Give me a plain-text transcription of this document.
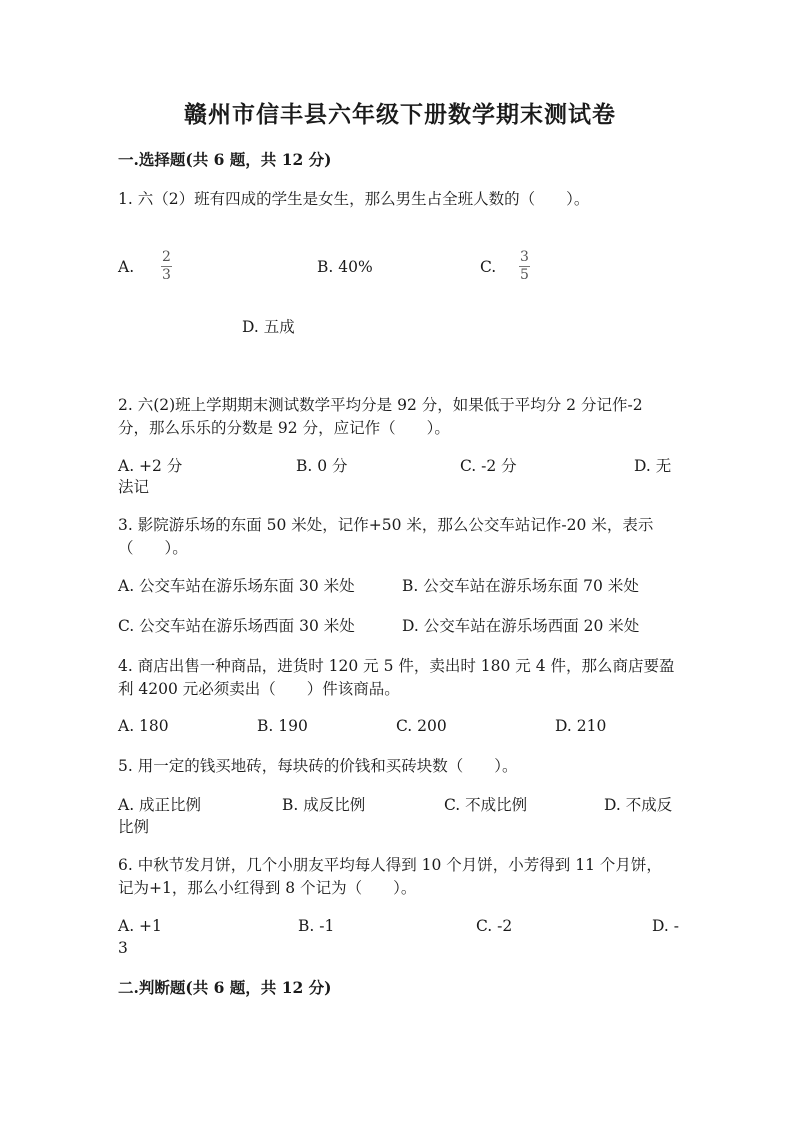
赣州市信丰县六年级下册数学期末测试卷
一.选择题(共 6 题，共 12 分)
1. 六（2）班有四成的学生是女生，那么男生占全班人数的（　　）。
A.
2
3	B. 40%	C.
3
5
D. 五成
2. 六(2)班上学期期末测试数学平均分是 92 分，如果低于平均分 2 分记作-2
分，那么乐乐的分数是 92 分，应记作（　　）。
A. +2 分	B. 0 分	C. -2 分	D. 无
法记
3. 影院游乐场的东面 50 米处，记作+50 米，那么公交车站记作-20 米，表示
（　　）。
A. 公交车站在游乐场东面 30 米处	B. 公交车站在游乐场东面 70 米处
C. 公交车站在游乐场西面 30 米处	D. 公交车站在游乐场西面 20 米处
4. 商店出售一种商品，进货时 120 元 5 件，卖出时 180 元 4 件，那么商店要盈
利 4200 元必须卖出（　　）件该商品。
A. 180	B. 190	C. 200	D. 210
5. 用一定的钱买地砖，每块砖的价钱和买砖块数（　　）。
A. 成正比例	B. 成反比例	C. 不成比例	D. 不成反
比例
6. 中秋节发月饼，几个小朋友平均每人得到 10 个月饼，小芳得到 11 个月饼，
记为+1，那么小红得到 8 个记为（　　）。
A. +1	B. -1	C. -2	D. -
3
二.判断题(共 6 题，共 12 分)
